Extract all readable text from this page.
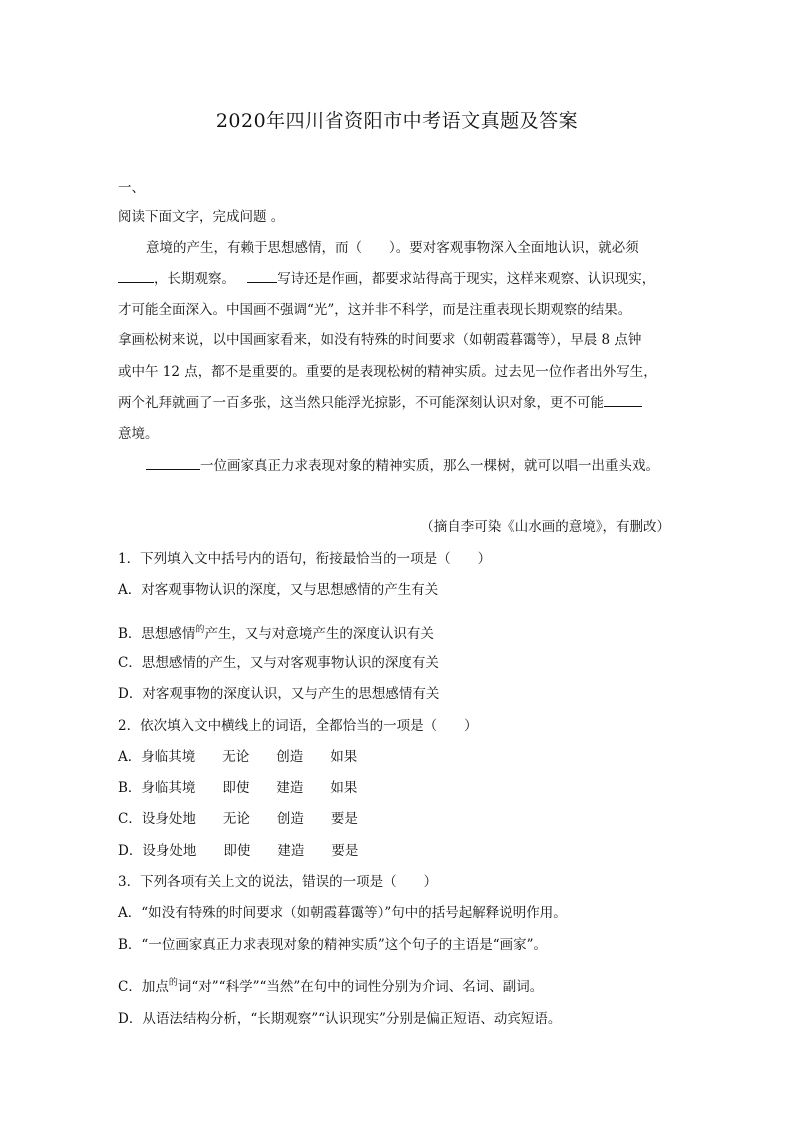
2020年四川省资阳市中考语文真题及答案
一、
阅读下面文字，完成问题 。
意境的产生，有赖于思想感情，而（　　）。要对客观事物深入全面地认识，就必须
，长期观察。	写诗还是作画，都要求站得高于现实，这样来观察、认识现实，
才可能全面深入。中国画不强调“光”，这并非不科学，而是注重表现长期观察的结果。
拿画松树来说，以中国画家看来，如没有特殊的时间要求（如朝霞暮霭等），早晨 8 点钟
或中午 12 点，都不是重要的。重要的是表现松树的精神实质。过去见一位作者出外写生，
两个礼拜就画了一百多张，这当然只能浮光掠影，不可能深刻认识对象，更不可能
意境。
一位画家真正力求表现对象的精神实质，那么一棵树，就可以唱一出重头戏。
（摘自李可染《山水画的意境》，有删改）
1．下列填入文中括号内的语句，衔接最恰当的一项是（　　）
A．对客观事物认识的深度，又与思想感情的产生有关
B．思想感情$^的$产生，又与对意境产生的深度认识有关
C．思想感情的产生，又与对客观事物认识的深度有关
D．对客观事物的深度认识，又与产生的思想感情有关
2．依次填入文中横线上的词语，全都恰当的一项是（　　）
A．身临其境　　无论　　创造　　如果
B．身临其境　　即使　　建造　　如果
C．设身处地　　无论　　创造　　要是
D．设身处地　　即使　　建造　　要是
3．下列各项有关上文的说法，错误的一项是（　　）
A．“如没有特殊的时间要求（如朝霞暮霭等）”句中的括号起解释说明作用。
B．“一位画家真正力求表现对象的精神实质”这个句子的主语是“画家”。
C．加点$^的$词“对”“科学”“当然”在句中的词性分别为介词、名词、副词。
D．从语法结构分析，“长期观察”“认识现实”分别是偏正短语、动宾短语。
